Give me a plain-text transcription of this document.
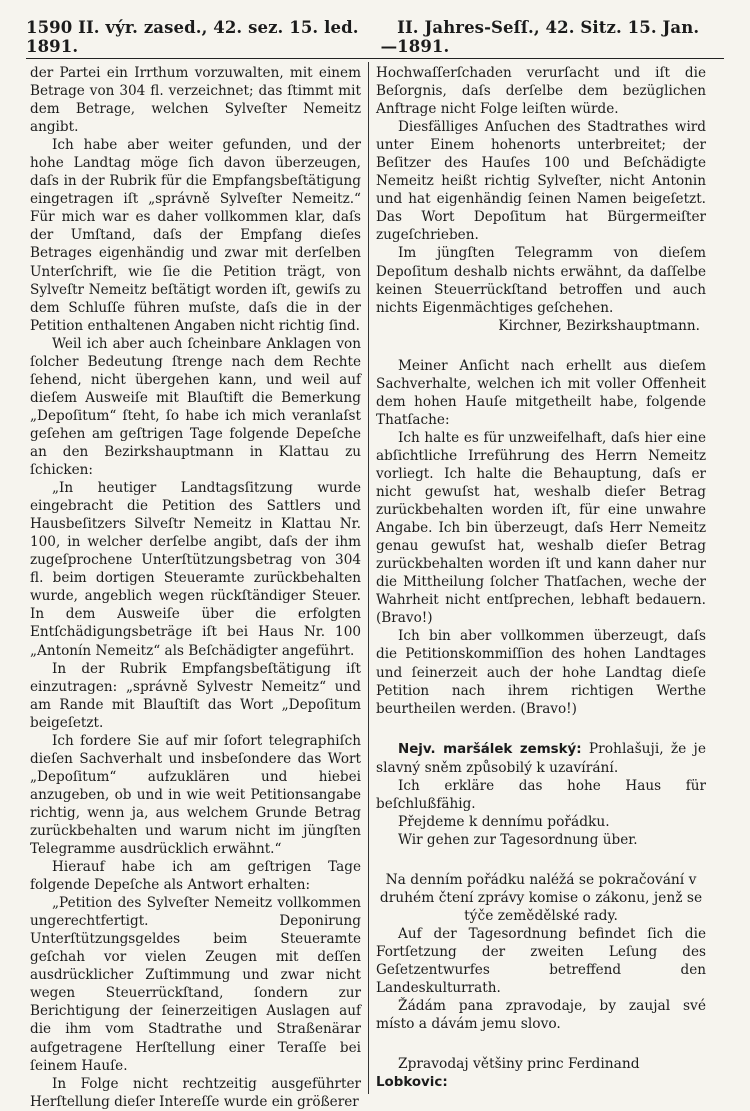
1590 II. výr. zased., 42. sez. 15. led. 1891.	—
II. Jahres-Seſſ., 42. Sitz. 15. Jan. 1891.

der Partei ein Irrthum vorzuwalten, mit einem Betrage von 304 fl. verzeichnet; das ſtimmt mit dem Betrage, welchen Sylveſter Nemeitz angibt.

Ich habe aber weiter gefunden, und der hohe Landtag möge ſich davon überzeugen, daſs in der Rubrik für die Empfangsbeſtätigung eingetragen iſt „správně Sylveſter Nemeitz.“ Für mich war es daher vollkommen klar, daſs der Umſtand, daſs der Empfang dieſes Betrages eigenhändig und zwar mit derſelben Unterſchrift, wie ſie die Petition trägt, von Sylveſtr Nemeitz beſtätigt worden iſt, gewiſs zu dem Schluſſe führen muſste, daſs die in der Petition enthaltenen Angaben nicht richtig ſind.

Weil ich aber auch ſcheinbare Anklagen von ſolcher Bedeutung ſtrenge nach dem Rechte ſehend, nicht übergehen kann, und weil auf dieſem Ausweiſe mit Blauſtift die Bemerkung „Depoſitum“ ſteht, ſo habe ich mich veranlaſst geſehen am geſtrigen Tage folgende Depeſche an den Bezirkshauptmann in Klattau zu ſchicken:

„In heutiger Landtagsſitzung wurde eingebracht die Petition des Sattlers und Hausbeſitzers Silveſtr Nemeitz in Klattau Nr. 100, in welcher derſelbe angibt, daſs der ihm zugeſprochene Unterſtützungsbetrag von 304 fl. beim dortigen Steueramte zurückbehalten wurde, angeblich wegen rückſtändiger Steuer. In dem Ausweiſe über die erfolgten Entſchädigungsbeträge iſt bei Haus Nr. 100 „Antonín Nemeitz“ als Beſchädigter angeführt.

In der Rubrik Empfangsbeſtätigung iſt einzutragen: „správně Sylvestr Nemeitz“ und am Rande mit Blauſtiſt das Wort „Depoſitum beigeſetzt.

Ich fordere Sie auf mir ſofort telegraphiſch dieſen Sachverhalt und insbeſondere das Wort „Depoſitum“ aufzuklären und hiebei anzugeben, ob und in wie weit Petitionsangabe richtig, wenn ja, aus welchem Grunde Betrag zurückbehalten und warum nicht im jüngſten Telegramme ausdrücklich erwähnt.“

Hierauf habe ich am geſtrigen Tage folgende Depeſche als Antwort erhalten:

„Petition des Sylveſter Nemeitz vollkommen ungerechtfertigt. Deponirung Unterſtützungsgeldes beim Steueramte geſchah vor vielen Zeugen mit deſſen ausdrücklicher Zuſtimmung und zwar nicht wegen Steuerrückſtand, ſondern zur Berichtigung der ſeinerzeitigen Auslagen auf die ihm vom Stadtrathe und Straßenärar aufgetragene Herſtellung einer Teraſſe bei ſeinem Hauſe.

In Folge nicht rechtzeitig ausgeführter Herſtellung dieſer Intereſſe wurde ein größerer

Hochwaſſerſchaden verurſacht und iſt die Beſorgnis, daſs derſelbe dem bezüglichen Anftrage nicht Folge leiſten würde.

Diesfälliges Anſuchen des Stadtrathes wird unter Einem hohenorts unterbreitet; der Beſitzer des Hauſes 100 und Beſchädigte Nemeitz heißt richtig Sylveſter, nicht Antonin und hat eigenhändig ſeinen Namen beigeſetzt. Das Wort Depoſitum hat Bürgermeiſter zugeſchrieben.

Im jüngſten Telegramm von dieſem Depoſitum deshalb nichts erwähnt, da daſſelbe keinen Steuerrückſtand betroffen und auch nichts Eigenmächtiges geſchehen.

Kirchner, Bezirkshauptmann.

Meiner Anſicht nach erhellt aus dieſem Sachverhalte, welchen ich mit voller Offenheit dem hohen Hauſe mitgetheilt habe, folgende Thatſache:

Ich halte es für unzweifelhaft, daſs hier eine abſichtliche Irreführung des Herrn Nemeitz vorliegt. Ich halte die Behauptung, daſs er nicht gewuſst hat, weshalb dieſer Betrag zurückbehalten worden iſt, für eine unwahre Angabe. Ich bin überzeugt, daſs Herr Nemeitz genau gewuſst hat, weshalb dieſer Betrag zurückbehalten worden iſt und kann daher nur die Mittheilung ſolcher Thatſachen, weche der Wahrheit nicht entſprechen, lebhaft bedauern. (Bravo!)

Ich bin aber vollkommen überzeugt, daſs die Petitionskommiſſion des hohen Landtages und ſeinerzeit auch der hohe Landtag dieſe Petition nach ihrem richtigen Werthe beurtheilen werden. (Bravo!)

Nejv. maršálek zemský: Prohlašuji, že je slavný sněm způsobilý k uzavírání.

Ich erkläre das hohe Haus für beſchlußfähig.

Přejdeme k dennímu pořádku.

Wir gehen zur Tagesordnung über.

Na denním pořádku naléžá se pokračování v druhém čtení zprávy komise o zákonu, jenž se týče zemědělské rady.

Auf der Tagesordnung befindet ſich die Fortſetzung der zweiten Leſung des Geſetzentwurfes betreffend den Landeskulturrath.

Žádám pana zpravodaje, by zaujal své místo a dávám jemu slovo.

Zpravodaj většiny princ Ferdinand
Lobkovic:
